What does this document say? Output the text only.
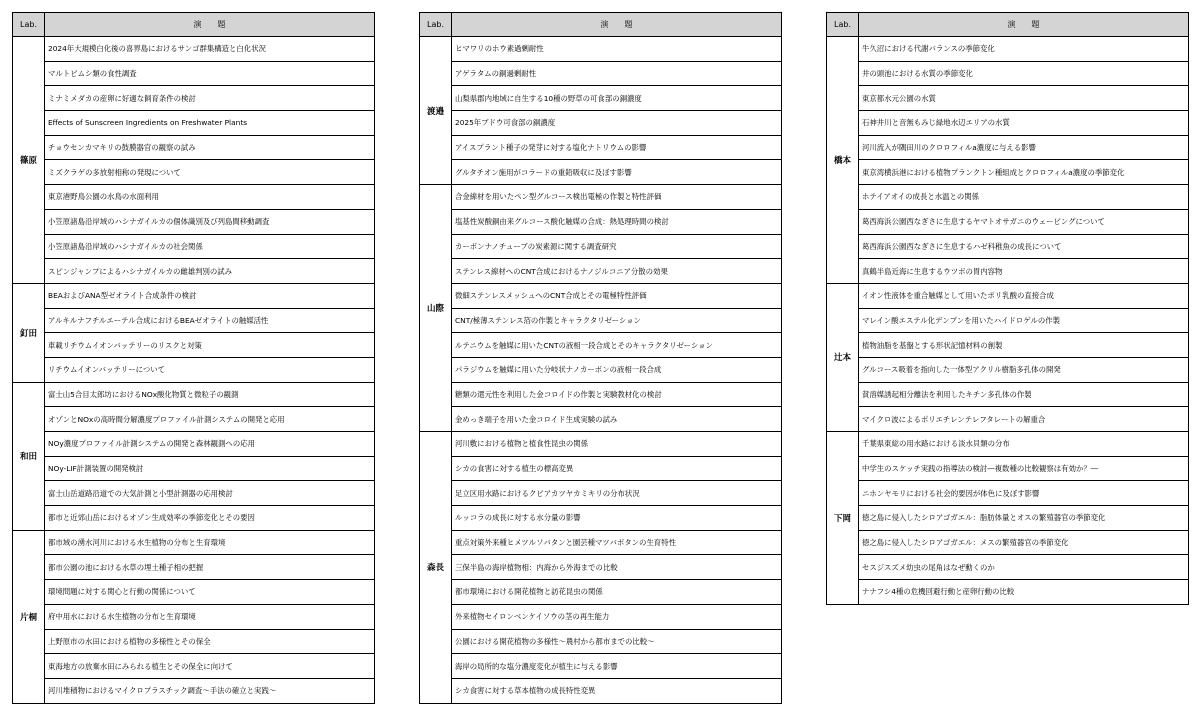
Lab.	演　　題
篠原	2024年大規模白化後の喜界島におけるサンゴ群集構造と白化状況
	マルトビムシ類の食性調査
	ミナミメダカの産卵に好適な飼育条件の検討
	Effects of Sunscreen Ingredients on Freshwater Plants
	チョウセンカマキリの鼓膜器官の観察の試み
	ミズクラゲの多放射相称の発現について
	東京港野鳥公園の水鳥の水面利用
	小笠原諸島沿岸域のハシナガイルカの個体識別及び列島間移動調査
	小笠原諸島沿岸域のハシナガイルカの社会関係
	スピンジャンプによるハシナガイルカの雌雄判別の試み
釘田	BEAおよびANA型ゼオライト合成条件の検討
	アルキルナフチルエーテル合成におけるBEAゼオライトの触媒活性
	車載リチウムイオンバッテリーのリスクと対策
	リチウムイオンバッテリーについて
和田	富士山5合目太郎坊におけるNOx酸化物質と微粒子の観測
	オゾンとNOxの高時間分解濃度プロファイル計測システムの開発と応用
	NOy濃度プロファイル計測システムの開発と森林観測への応用
	NOy-LIF計測装置の開発検討
	富士山岳道路沿道での大気計測と小型計測器の応用検討
	都市と近郊山岳におけるオゾン生成効率の季節変化とその要因
片桐	都市域の湧水河川における水生植物の分布と生育環境
	都市公園の池における水草の埋土種子相の把握
	環境問題に対する関心と行動の関係について
	府中用水における水生植物の分布と生育環境
	上野原市の水田における植物の多様性とその保全
	東海地方の放棄水田にみられる植生とその保全に向けて
	河川堆積物におけるマイクロプラスチック調査～手法の確立と実践～
Lab.	演　　題
渡邉	ヒマワリのホウ素過剰耐性
	アゲラタムの銅過剰耐性
	山梨県郡内地域に自生する10種の野草の可食部の銅濃度
	2025年ブドウ可食部の銅濃度
	アイスプラント種子の発芽に対する塩化ナトリウムの影響
	グルタチオン施用がコラードの重鉛吸収に及ぼす影響
山際	合金線材を用いたペン型グルコース検出電極の作製と特性評価
	塩基性炭酸銅由来グルコース酸化触媒の合成：熱処理時間の検討
	カーボンナノチューブの炭素源に関する調査研究
	ステンレス線材へのCNT合成におけるナノジルコニア分散の効果
	微細ステンレスメッシュへのCNT合成とその電極特性評価
	CNT/極薄ステンレス箔の作製とキャラクタリゼーション
	ルテニウムを触媒に用いたCNTの液相一段合成とそのキャラクタリゼーション
	パラジウムを触媒に用いた分岐状ナノカーボンの液相一段合成
	糖類の還元性を利用した金コロイドの作製と実験教材化の検討
	金めっき端子を用いた金コロイド生成実験の試み
森長	河川敷における植物と植食性昆虫の関係
	シカの食害に対する植生の標高変異
	足立区用水路におけるクビアカツヤカミキリの分布状況
	ルッコラの成長に対する水分量の影響
	重点対策外来種ヒメツルソバタンと園芸種マツバボタンの生育特性
	三保半島の海岸植物相：内海から外海までの比較
	都市環境における開花植物と訪花昆虫の関係
	外来植物セイロンベンケイソウの茎の再生能力
	公園における開花植物の多様性～農村から都市までの比較～
	海岸の局所的な塩分濃度変化が植生に与える影響
	シカ食害に対する草本植物の成長特性変異
Lab.	演　　題
橋本	牛久沼における代謝バランスの季節変化
	井の頭池における水質の季節変化
	東京都水元公園の水質
	石神井川と音無もみじ緑地水辺エリアの水質
	河川流入が隅田川のクロロフィルa濃度に与える影響
	東京湾横浜港における植物プランクトン種組成とクロロフィルa濃度の季節変化
	ホテイアオイの成長と水温との関係
	葛西海浜公園西なぎさに生息するヤマトオサガニのウェービングについて
	葛西海浜公園西なぎさに生息するハゼ科稚魚の成長について
	真鶴半島近海に生息するウツボの胃内容物
辻本	イオン性液体を重合触媒として用いたポリ乳酸の直接合成
	マレイン酸エステル化デンプンを用いたハイドロゲルの作製
	植物油脂を基盤とする形状記憶材料の創製
	グルコース吸着を指向した一体型アクリル樹脂多孔体の開発
	貧溶媒誘起相分離法を利用したキチン多孔体の作製
	マイクロ波によるポリエチレンテレフタレートの解重合
下岡	千葉県東総の用水路における淡水貝類の分布
	中学生のスケッチ実践の指導法の検討―複数種の比較観察は有効か？―
	ニホンヤモリにおける社会的要因が体色に及ぼす影響
	徳之島に侵入したシロアゴガエル：脂肪体量とオスの繁殖器官の季節変化
	徳之島に侵入したシロアゴガエル：メスの繁殖器官の季節変化
	セスジスズメ幼虫の尾角はなぜ動くのか
	ナナフシ4種の危機回避行動と産卵行動の比較
